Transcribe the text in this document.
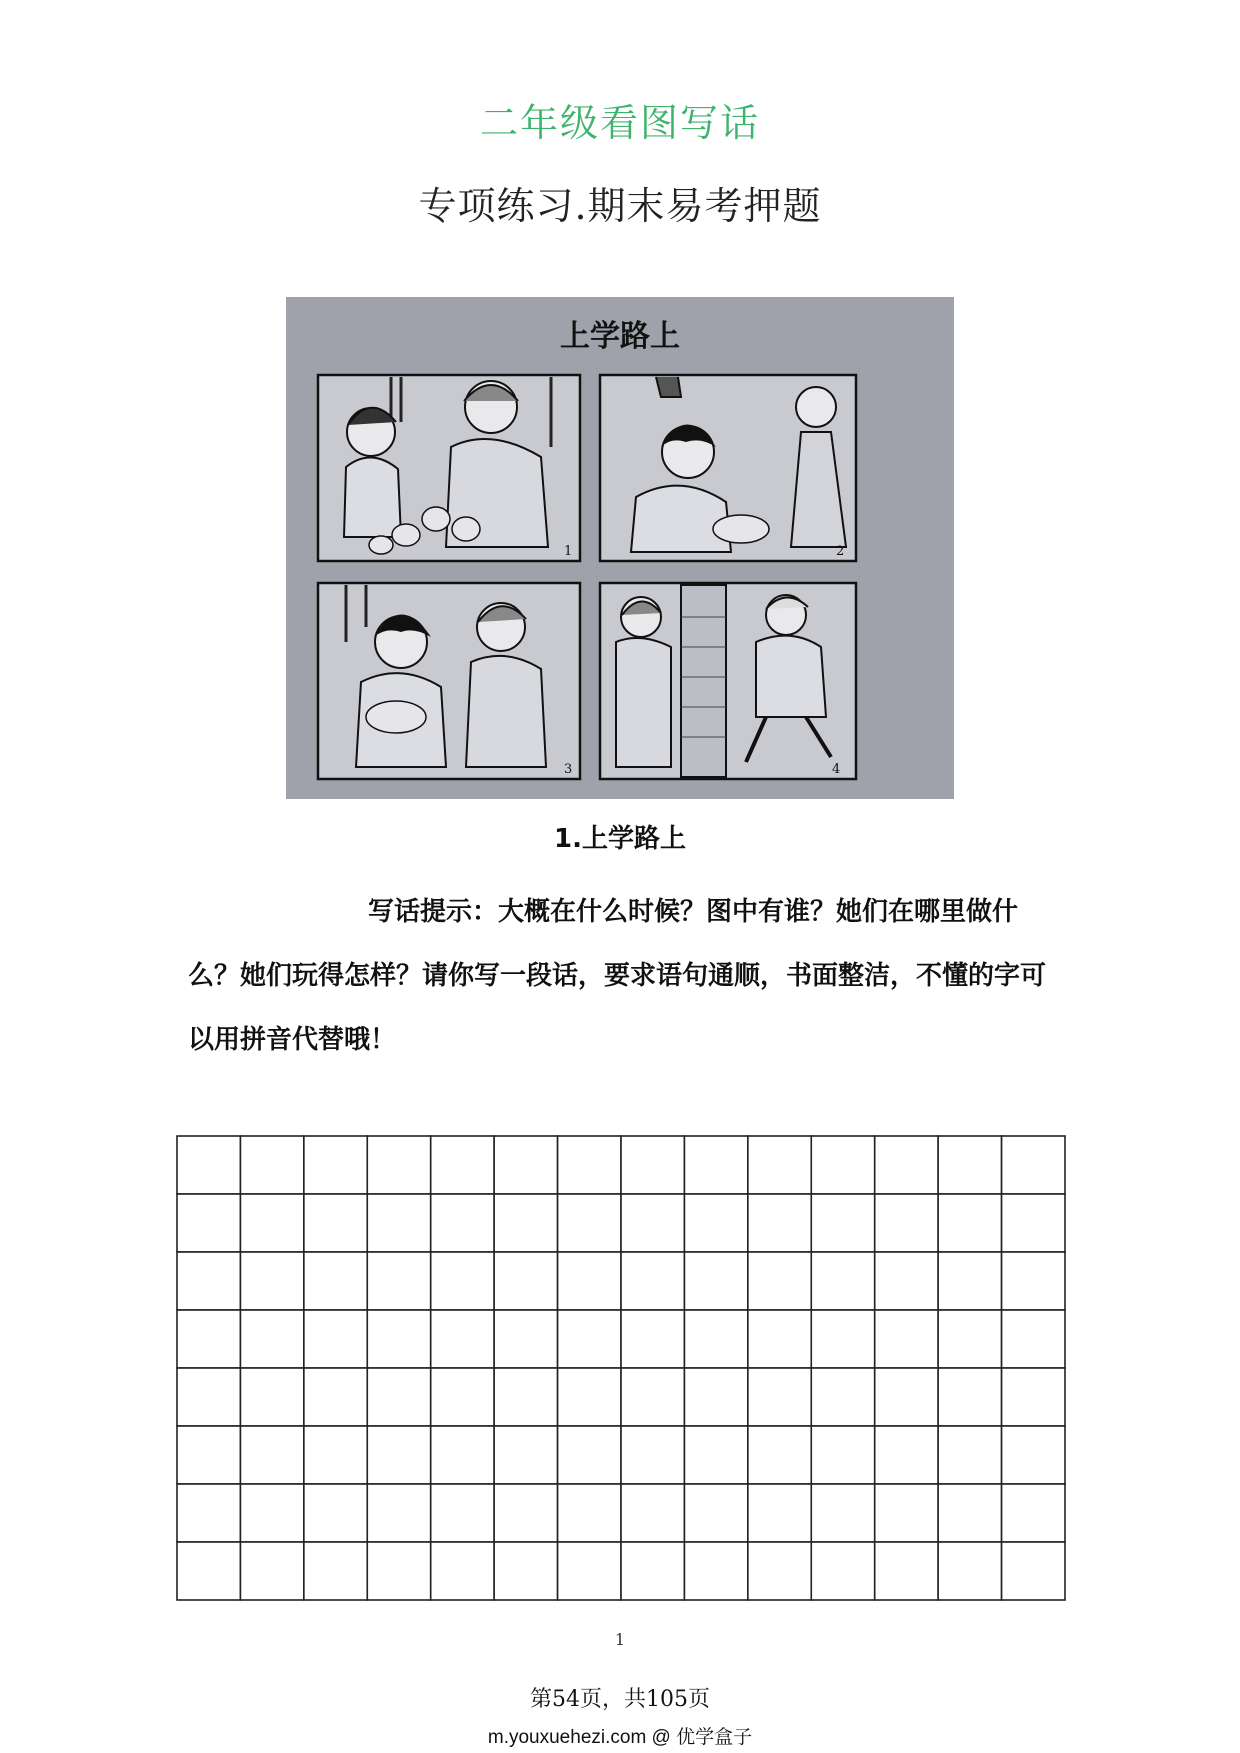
二年级看图写话
专项练习.期末易考押题
1	2
3	4
上学路上
1.上学路上
写话提示：大概在什么时候？图中有谁？她们在哪里做什么？她们玩得怎样？请你写一段话，要求语句通顺，书面整洁，不懂的字可以用拼音代替哦！
1
第54页，共105页
m.youxuehezi.com @ 优学盒子
